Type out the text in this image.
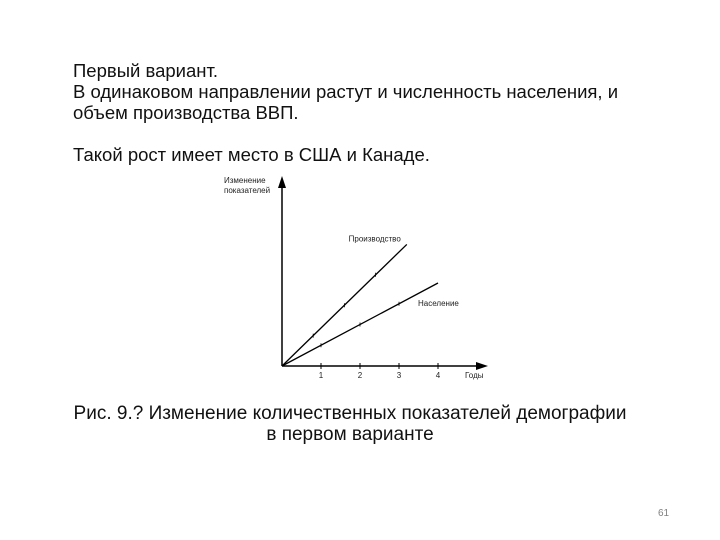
Первый вариант.
В одинаковом направлении растут и численность населения, и
объем производства ВВП.
Такой рост имеет место в США и Канаде.
Изменение
показателей
1	2	3	4	Годы
Производство
Население
Рис. 9.? Изменение количественных показателей демографии
в первом варианте
61
